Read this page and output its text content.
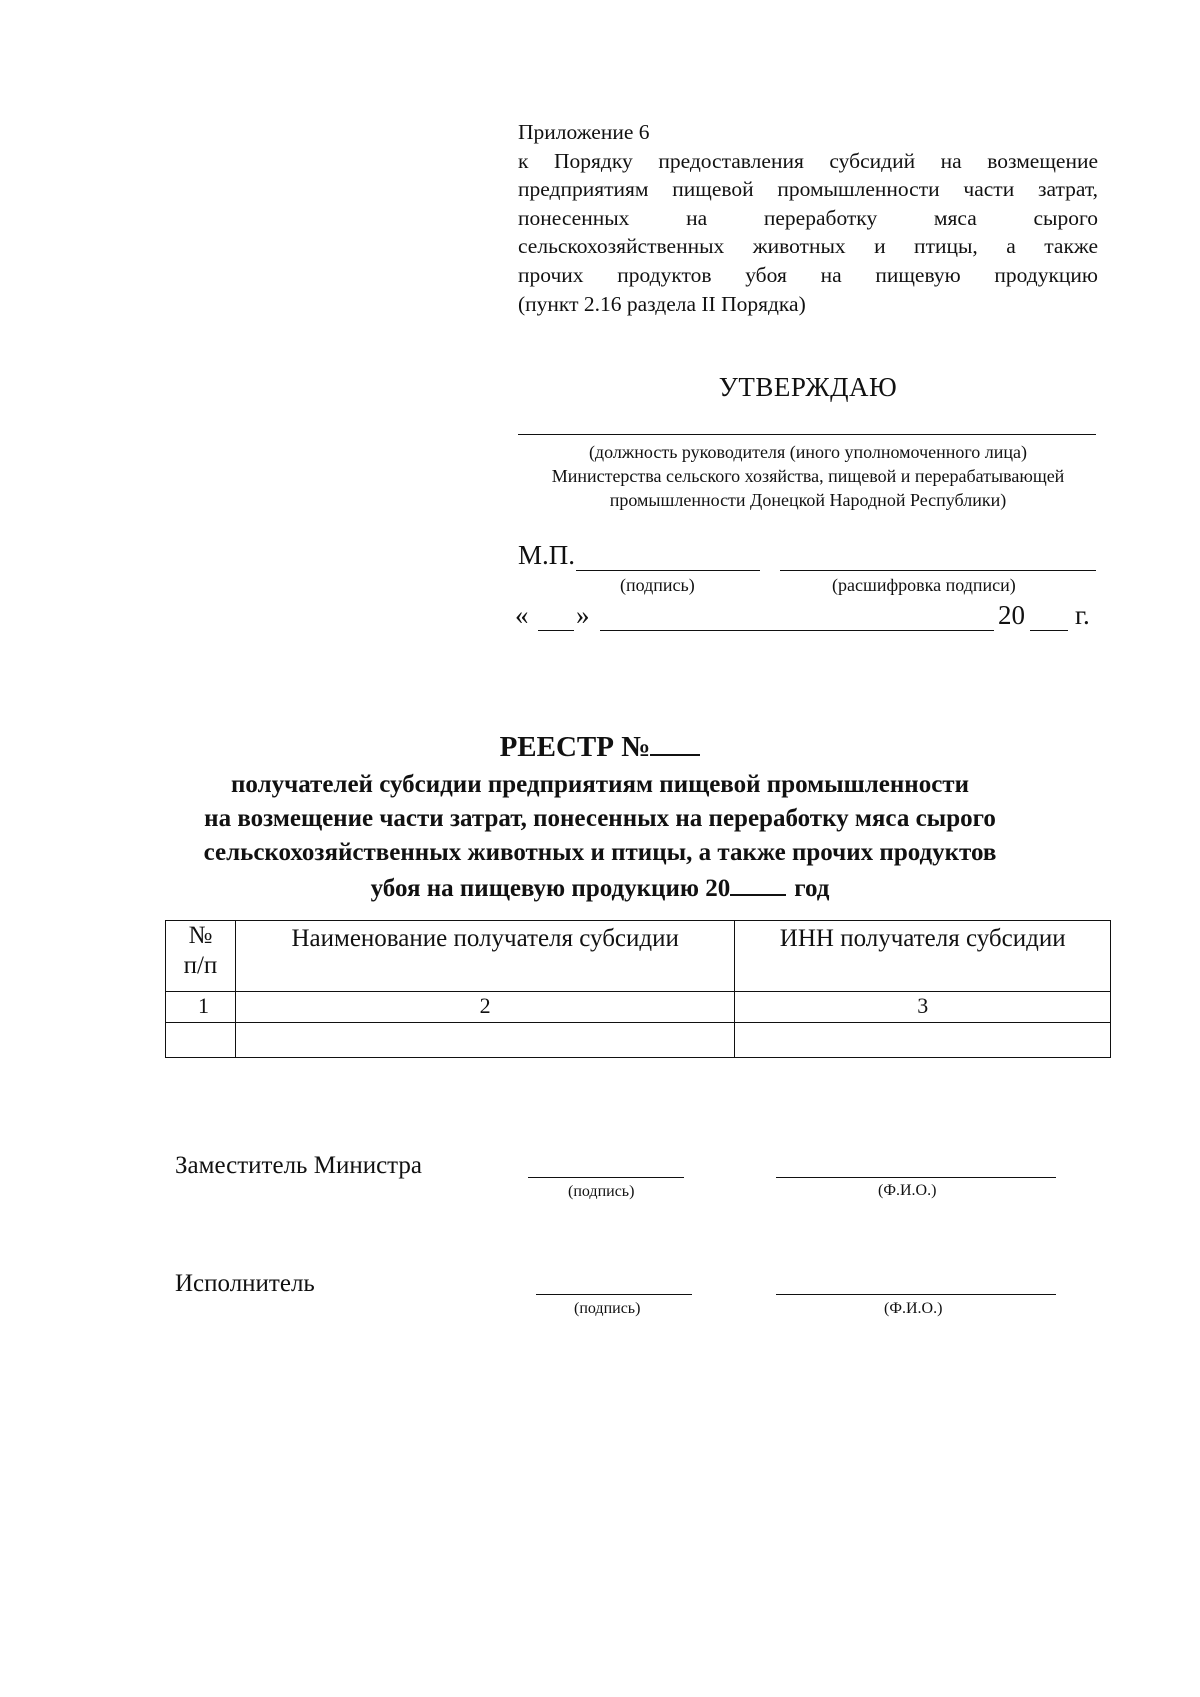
Приложение 6
к Порядку предоставления субсидий на возмещение
предприятиям пищевой промышленности части затрат,
понесенных на переработку мяса сырого
сельскохозяйственных животных и птицы, а также
прочих продуктов убоя на пищевую продукцию
(пункт 2.16 раздела II Порядка)
УТВЕРЖДАЮ
(должность руководителя (иного уполномоченного лица)
Министерства сельского хозяйства, пищевой и перерабатывающей
промышленности Донецкой Народной Республики)
М.П.
(подпись)	(расшифровка подписи)
« »	20 г.
РЕЕСТР №
получателей субсидии предприятиям пищевой промышленности
на возмещение части затрат, понесенных на переработку мяса сырого
сельскохозяйственных животных и птицы, а также прочих продуктов
убоя на пищевую продукцию 20	год
№
п/п	Наименование получателя субсидии	ИНН получателя субсидии
1	2	3

Заместитель Министра
(подпись)	(Ф.И.О.)
Исполнитель
(подпись)	(Ф.И.О.)
